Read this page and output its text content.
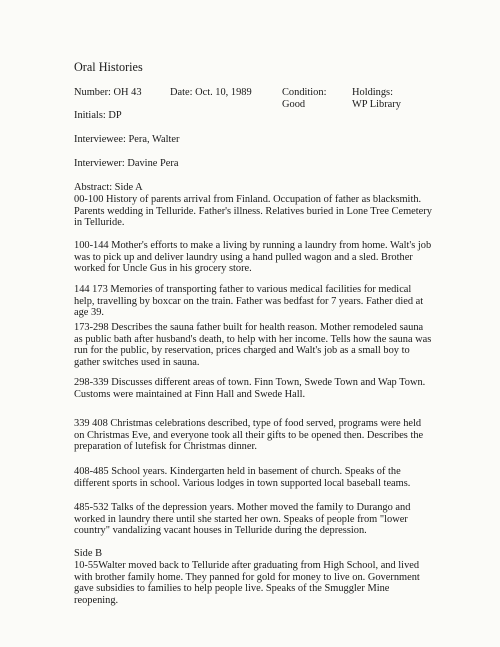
Oral Histories
Number: OH 43	Date: Oct. 10, 1989	Condition:
Good
Holdings:
WP Library
Initials: DP
Interviewee: Pera, Walter
Interviewer: Davine Pera
Abstract: Side A
00-100 History of parents arrival from Finland. Occupation of father as blacksmith. Parents wedding in Telluride. Father's illness. Relatives buried in Lone Tree Cemetery in Telluride.
100-144 Mother's efforts to make a living by running a laundry from home. Walt's job was to pick up and deliver laundry using a hand pulled wagon and a sled. Brother worked for Uncle Gus in his grocery store.
144 173 Memories of transporting father to various medical facilities for medical help, travelling by boxcar on the train. Father was bedfast for 7 years. Father died at age 39.
173-298 Describes the sauna father built for health reason. Mother remodeled sauna as public bath after husband's death, to help with her income. Tells how the sauna was run for the public, by reservation, prices charged and Walt's job as a small boy to gather switches used in sauna.
298-339 Discusses different areas of town. Finn Town, Swede Town and Wap Town. Customs were maintained at Finn Hall and Swede Hall.
339 408 Christmas celebrations described, type of food served, programs were held on Christmas Eve, and everyone took all their gifts to be opened then. Describes the preparation of lutefisk for Christmas dinner.
408-485 School years. Kindergarten held in basement of church. Speaks of the different sports in school. Various lodges in town supported local baseball teams.
485-532 Talks of the depression years. Mother moved the family to Durango and worked in laundry there until she started her own. Speaks of people from "lower country" vandalizing vacant houses in Telluride during the depression.
Side B
10-55Walter moved back to Telluride after graduating from High School, and lived with brother family home. They panned for gold for money to live on. Government gave subsidies to families to help people live. Speaks of the Smuggler Mine reopening.
